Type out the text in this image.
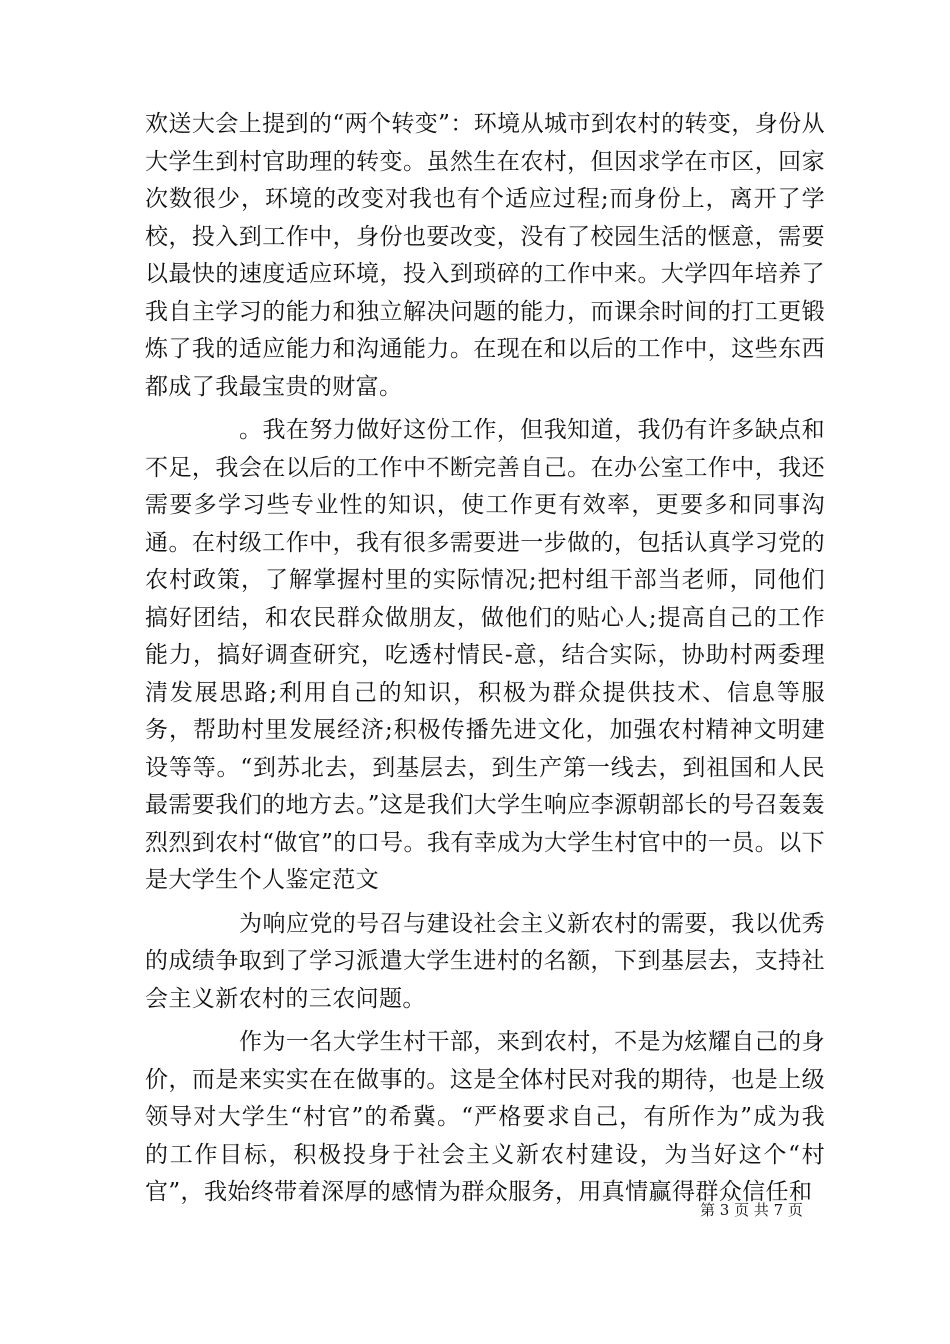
欢送大会上提到的“两个转变”：环境从城市到农村的转变，身份从大学生到村官助理的转变。虽然生在农村，但因求学在市区，回家次数很少，环境的改变对我也有个适应过程;而身份上，离开了学校，投入到工作中，身份也要改变，没有了校园生活的惬意，需要以最快的速度适应环境，投入到琐碎的工作中来。大学四年培养了我自主学习的能力和独立解决问题的能力，而课余时间的打工更锻炼了我的适应能力和沟通能力。在现在和以后的工作中，这些东西都成了我最宝贵的财富。

。我在努力做好这份工作，但我知道，我仍有许多缺点和不足，我会在以后的工作中不断完善自己。在办公室工作中，我还需要多学习些专业性的知识，使工作更有效率，更要多和同事沟通。在村级工作中，我有很多需要进一步做的，包括认真学习党的农村政策，了解掌握村里的实际情况;把村组干部当老师，同他们搞好团结，和农民群众做朋友，做他们的贴心人;提高自己的工作能力，搞好调查研究，吃透村情民-意，结合实际，协助村两委理清发展思路;利用自己的知识，积极为群众提供技术、信息等服务，帮助村里发展经济;积极传播先进文化，加强农村精神文明建设等等。“到苏北去，到基层去，到生产第一线去，到祖国和人民最需要我们的地方去。”这是我们大学生响应李源朝部长的号召轰轰烈烈到农村“做官”的口号。我有幸成为大学生村官中的一员。以下是大学生个人鉴定范文

为响应党的号召与建设社会主义新农村的需要，我以优秀的成绩争取到了学习派遣大学生进村的名额，下到基层去，支持社会主义新农村的三农问题。

作为一名大学生村干部，来到农村，不是为炫耀自己的身价，而是来实实在在做事的。这是全体村民对我的期待，也是上级领导对大学生“村官”的希冀。“严格要求自己，有所作为”成为我的工作目标，积极投身于社会主义新农村建设，为当好这个“村官”，我始终带着深厚的感情为群众服务，用真情赢得群众信任和

第 3 页 共 7 页
